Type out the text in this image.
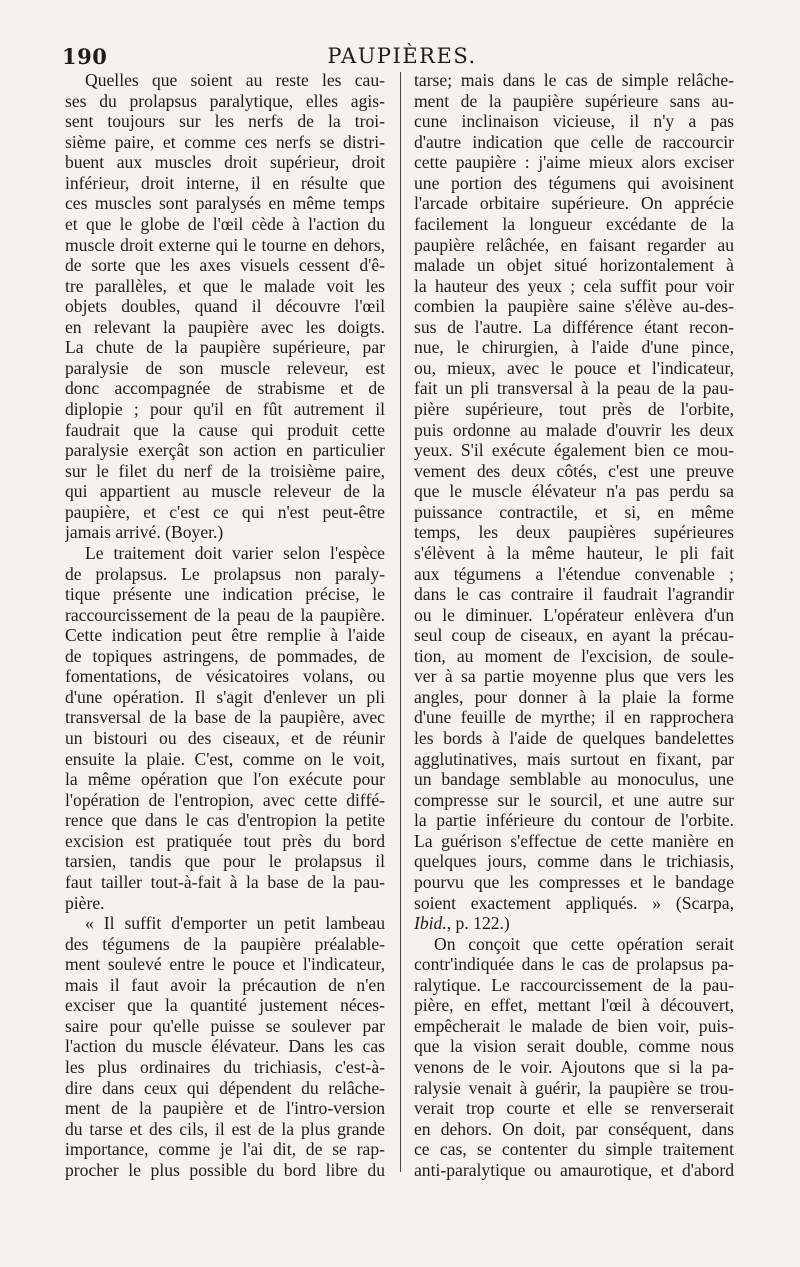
190	PAUPIÈRES.
Quelles que soient au reste les cau-
ses du prolapsus paralytique, elles agis-
sent toujours sur les nerfs de la troi-
sième paire, et comme ces nerfs se distri-
buent aux muscles droit supérieur, droit
inférieur, droit interne, il en résulte que
ces muscles sont paralysés en même temps
et que le globe de l'œil cède à l'action du
muscle droit externe qui le tourne en dehors,
de sorte que les axes visuels cessent d'ê-
tre parallèles, et que le malade voit les
objets doubles, quand il découvre l'œil
en relevant la paupière avec les doigts.
La chute de la paupière supérieure, par
paralysie de son muscle releveur, est
donc accompagnée de strabisme et de
diplopie ; pour qu'il en fût autrement il
faudrait que la cause qui produit cette
paralysie exerçât son action en particulier
sur le filet du nerf de la troisième paire,
qui appartient au muscle releveur de la
paupière, et c'est ce qui n'est peut-être
jamais arrivé. (Boyer.)
Le traitement doit varier selon l'espèce
de prolapsus. Le prolapsus non paraly-
tique présente une indication précise, le
raccourcissement de la peau de la paupière.
Cette indication peut être remplie à l'aide
de topiques astringens, de pommades, de
fomentations, de vésicatoires volans, ou
d'une opération. Il s'agit d'enlever un pli
transversal de la base de la paupière, avec
un bistouri ou des ciseaux, et de réunir
ensuite la plaie. C'est, comme on le voit,
la même opération que l'on exécute pour
l'opération de l'entropion, avec cette diffé-
rence que dans le cas d'entropion la petite
excision est pratiquée tout près du bord
tarsien, tandis que pour le prolapsus il
faut tailler tout-à-fait à la base de la pau-
pière.
« Il suffit d'emporter un petit lambeau
des tégumens de la paupière préalable-
ment soulevé entre le pouce et l'indicateur,
mais il faut avoir la précaution de n'en
exciser que la quantité justement néces-
saire pour qu'elle puisse se soulever par
l'action du muscle élévateur. Dans les cas
les plus ordinaires du trichiasis, c'est-à-
dire dans ceux qui dépendent du relâche-
ment de la paupière et de l'intro-version
du tarse et des cils, il est de la plus grande
importance, comme je l'ai dit, de se rap-
procher le plus possible du bord libre du
tarse; mais dans le cas de simple relâche-
ment de la paupière supérieure sans au-
cune inclinaison vicieuse, il n'y a pas
d'autre indication que celle de raccourcir
cette paupière : j'aime mieux alors exciser
une portion des tégumens qui avoisinent
l'arcade orbitaire supérieure. On apprécie
facilement la longueur excédante de la
paupière relâchée, en faisant regarder au
malade un objet situé horizontalement à
la hauteur des yeux ; cela suffit pour voir
combien la paupière saine s'élève au-des-
sus de l'autre. La différence étant recon-
nue, le chirurgien, à l'aide d'une pince,
ou, mieux, avec le pouce et l'indicateur,
fait un pli transversal à la peau de la pau-
pière supérieure, tout près de l'orbite,
puis ordonne au malade d'ouvrir les deux
yeux. S'il exécute également bien ce mou-
vement des deux côtés, c'est une preuve
que le muscle élévateur n'a pas perdu sa
puissance contractile, et si, en même
temps, les deux paupières supérieures
s'élèvent à la même hauteur, le pli fait
aux tégumens a l'étendue convenable ;
dans le cas contraire il faudrait l'agrandir
ou le diminuer. L'opérateur enlèvera d'un
seul coup de ciseaux, en ayant la précau-
tion, au moment de l'excision, de soule-
ver à sa partie moyenne plus que vers les
angles, pour donner à la plaie la forme
d'une feuille de myrthe; il en rapprochera
les bords à l'aide de quelques bandelettes
agglutinatives, mais surtout en fixant, par
un bandage semblable au monoculus, une
compresse sur le sourcil, et une autre sur
la partie inférieure du contour de l'orbite.
La guérison s'effectue de cette manière en
quelques jours, comme dans le trichiasis,
pourvu que les compresses et le bandage
soient exactement appliqués. » (Scarpa,
Ibid., p. 122.)
On conçoit que cette opération serait
contr'indiquée dans le cas de prolapsus pa-
ralytique. Le raccourcissement de la pau-
pière, en effet, mettant l'œil à découvert,
empêcherait le malade de bien voir, puis-
que la vision serait double, comme nous
venons de le voir. Ajoutons que si la pa-
ralysie venait à guérir, la paupière se trou-
verait trop courte et elle se renverserait
en dehors. On doit, par conséquent, dans
ce cas, se contenter du simple traitement
anti-paralytique ou amaurotique, et d'abord
